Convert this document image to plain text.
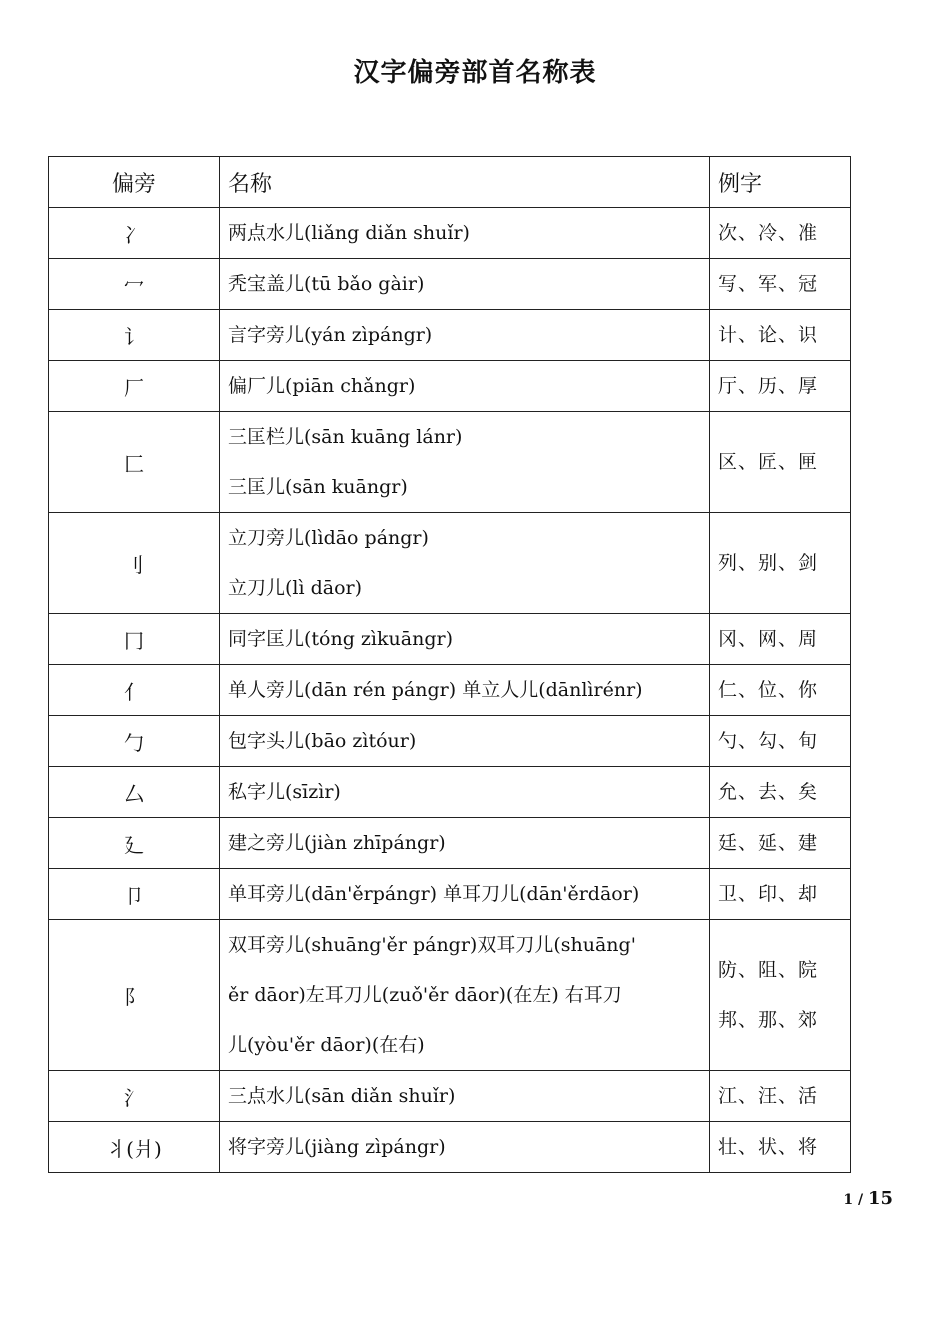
汉字偏旁部首名称表
偏旁	名称	例字
冫	两点水儿(liǎng diǎn shuǐr)	次、冷、准

冖	秃宝盖儿(tū bǎo gàir)	写、军、冠

讠	言字旁儿(yán zìpángr)	计、论、识

厂	偏厂儿(piān chǎngr)	厅、历、厚

匚	三匡栏儿(sān kuāng lánr)
三匡儿(sān kuāngr)	区、匠、匣

刂	立刀旁儿(lìdāo pángr)
立刀儿(lì dāor)	列、别、剑

冂	同字匡儿(tóng zìkuāngr)	冈、网、周

亻	单人旁儿(dān rén pángr) 单立人儿(dānlìrénr)	仁、位、你

勹	包字头儿(bāo zìtóur)	勺、勾、旬

厶	私字儿(sīzìr)	允、去、矣

廴	建之旁儿(jiàn zhīpángr)	廷、延、建

卩	单耳旁儿(dān'ěrpángr) 单耳刀儿(dān'ěrdāor)	卫、印、却

阝	双耳旁儿(shuāng'ěr pángr)双耳刀儿(shuāng'
ěr dāor)左耳刀儿(zuǒ'ěr dāor)(在左) 右耳刀
儿(yòu'ěr dāor)(在右)	防、阻、院
邦、那、郊

氵	三点水儿(sān diǎn shuǐr)	江、汪、活

丬(爿)	将字旁儿(jiàng zìpángr)	壮、状、将
1 / 15
